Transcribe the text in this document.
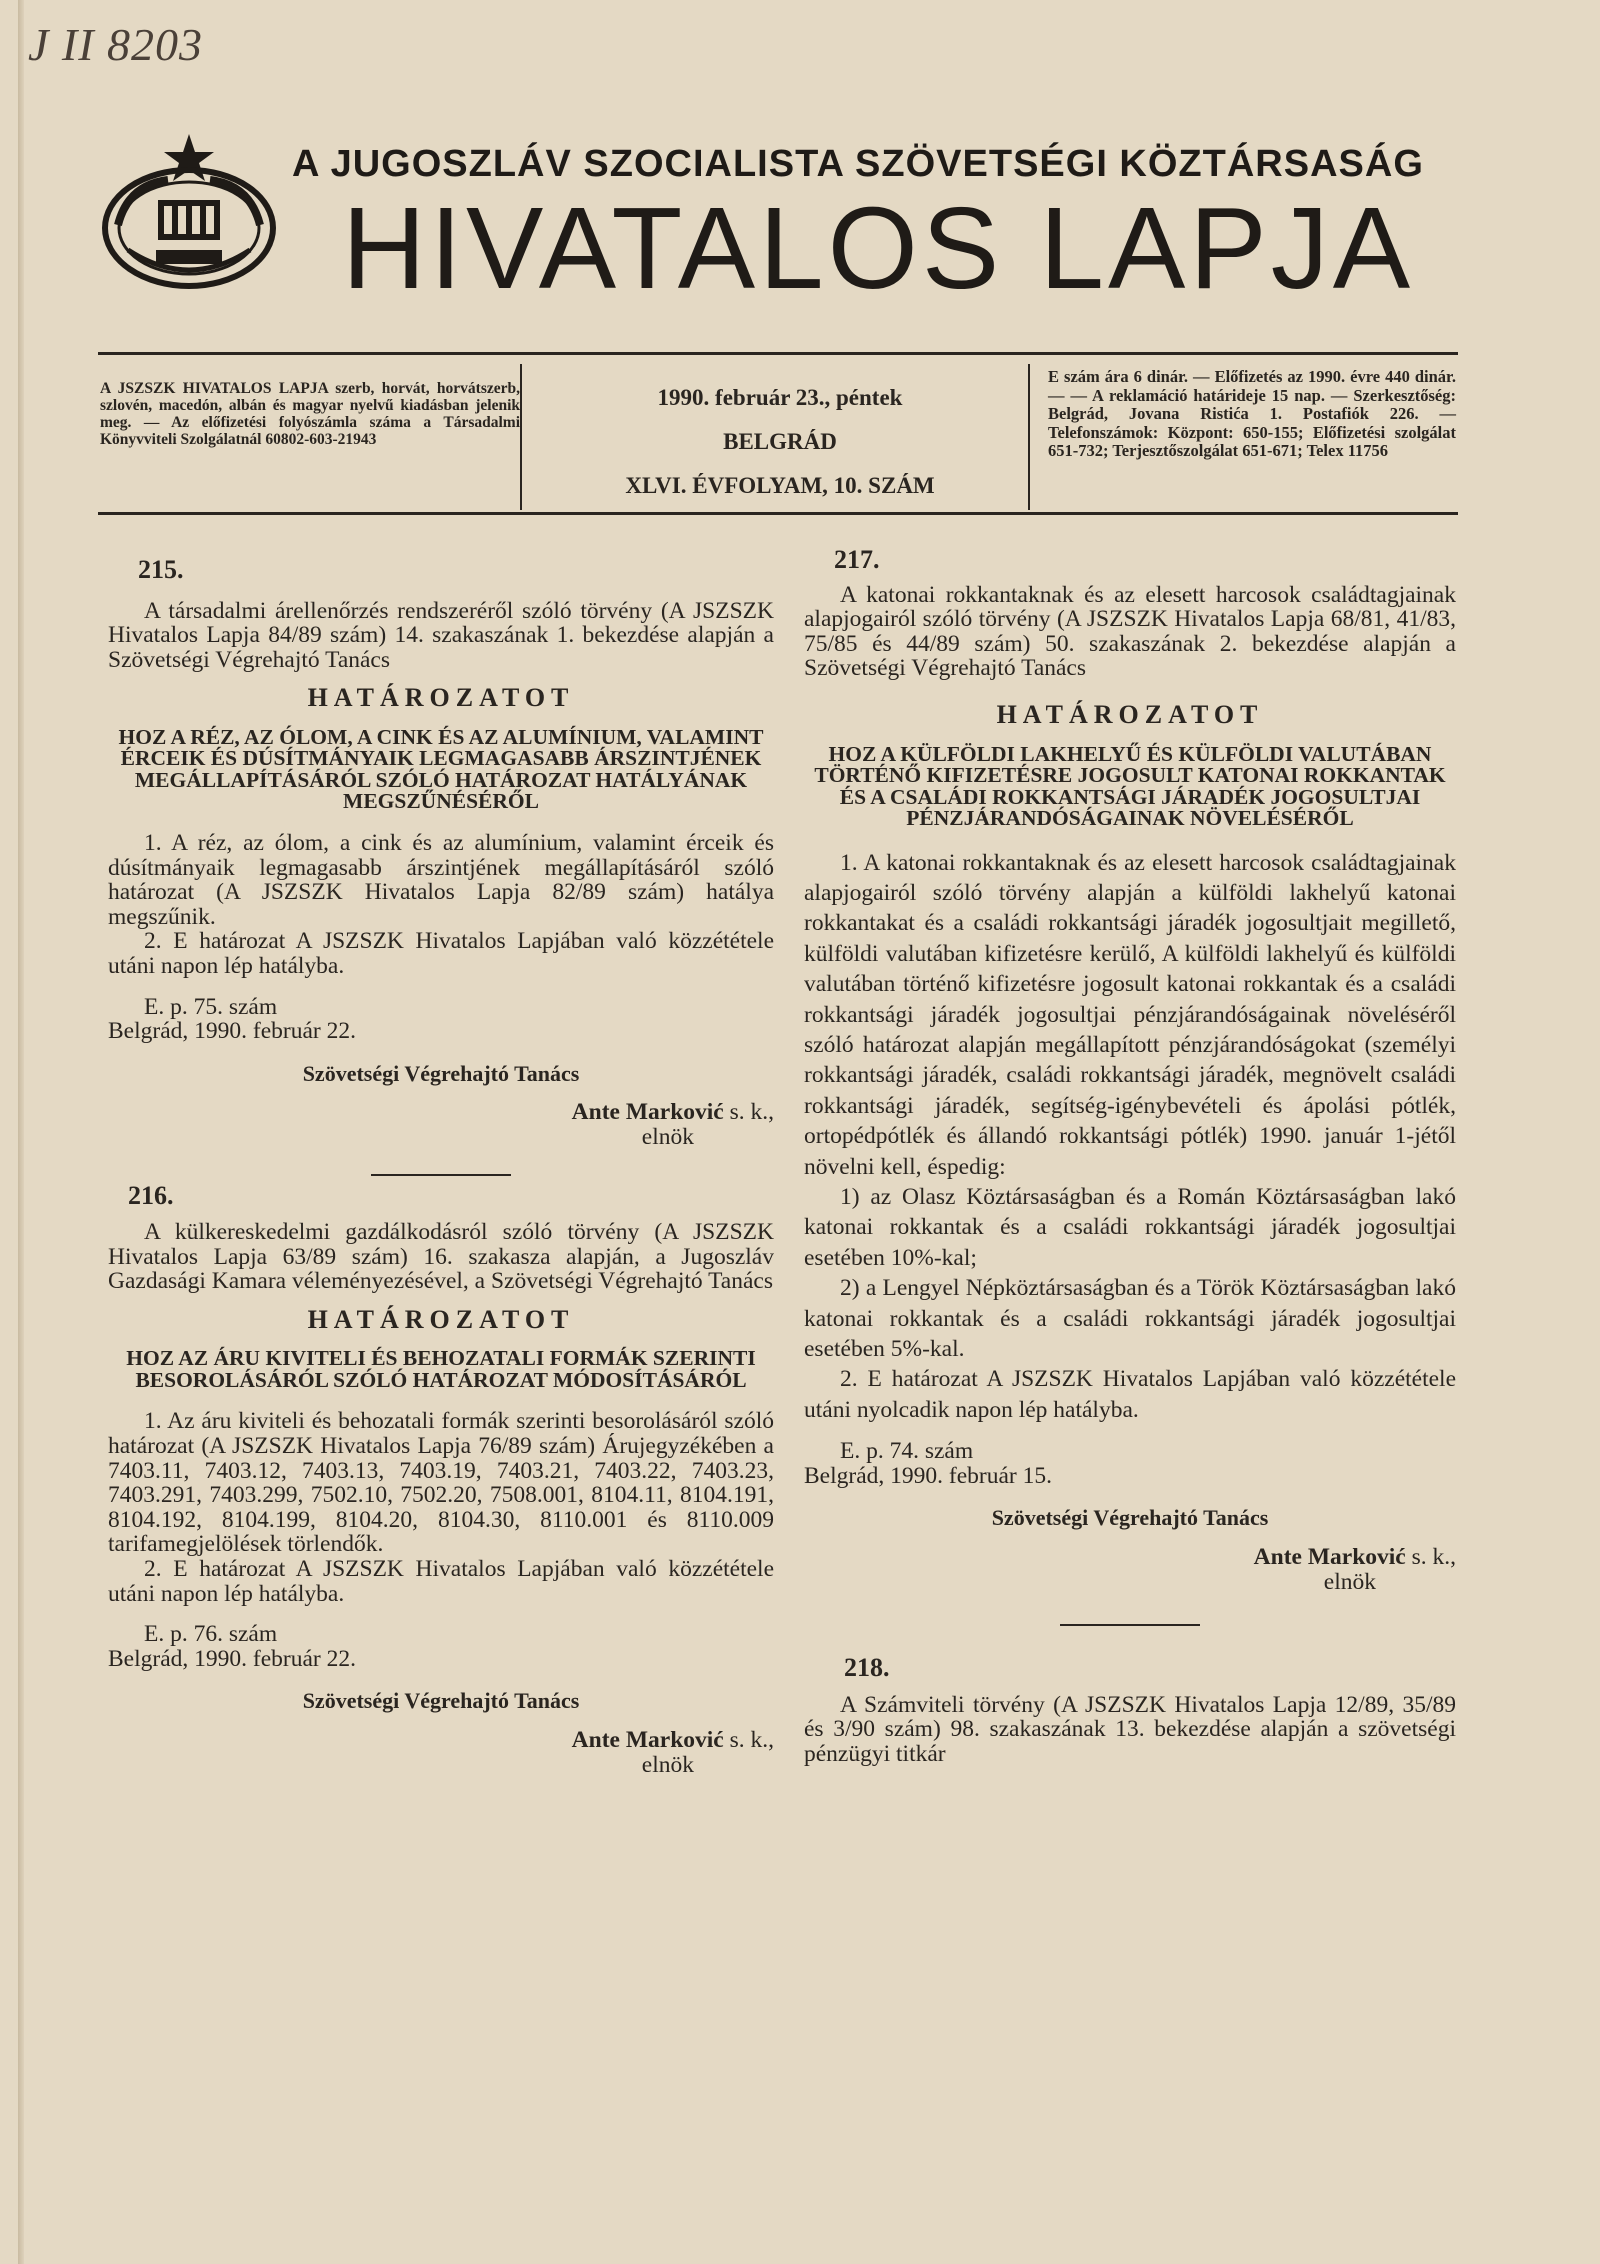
J II 8203
A JUGOSZLÁV SZOCIALISTA SZÖVETSÉGI KÖZTÁRSASÁG
HIVATALOS LAPJA
A JSZSZK HIVATALOS LAPJA szerb, horvát, horvátszerb, szlovén, macedón, albán és magyar nyelvű kiadásban jelenik meg. — Az előfizetési folyószámla száma a Társadalmi Könyvviteli Szolgálatnál 60802-603-21943
1990. február 23., péntek
BELGRÁD
XLVI. ÉVFOLYAM, 10. SZÁM
E szám ára 6 dinár. — Előfizetés az 1990. évre 440 dinár. — — A reklamáció határideje 15 nap. — Szerkesztőség: Belgrád, Jovana Ristića 1. Postafiók 226. — Telefonszámok: Központ: 650-155; Előfizetési szolgálat 651-732; Terjesztőszolgálat 651-671; Telex 11756
215.

A társadalmi árellenőrzés rendszeréről szóló törvény (A JSZSZK Hivatalos Lapja 84/89 szám) 14. szakaszának 1. bekezdése alapján a Szövetségi Végrehajtó Tanács

HATÁROZATOT
HOZ A RÉZ, AZ ÓLOM, A CINK ÉS AZ ALUMÍNIUM, VALAMINT ÉRCEIK ÉS DÚSÍTMÁNYAIK LEGMAGASABB ÁRSZINTJÉNEK MEGÁLLAPÍTÁSÁRÓL SZÓLÓ HATÁROZAT HATÁLYÁNAK MEGSZŰNÉSÉRŐL

1. A réz, az ólom, a cink és az alumínium, valamint érceik és dúsítmányaik legmagasabb árszintjének megállapításáról szóló határozat (A JSZSZK Hivatalos Lapja 82/89 szám) hatálya megszűnik.

2. E határozat A JSZSZK Hivatalos Lapjában való közzététele utáni napon lép hatályba.

E. p. 75. szám

Belgrád, 1990. február 22.

Szövetségi Végrehajtó Tanács
Ante Marković s. k.,
elnök
216.

A külkereskedelmi gazdálkodásról szóló törvény (A JSZSZK Hivatalos Lapja 63/89 szám) 16. szakasza alapján, a Jugoszláv Gazdasági Kamara véleményezésével, a Szövetségi Végrehajtó Tanács

HATÁROZATOT
HOZ AZ ÁRU KIVITELI ÉS BEHOZATALI FORMÁK SZERINTI BESOROLÁSÁRÓL SZÓLÓ HATÁROZAT MÓDOSÍTÁSÁRÓL

1. Az áru kiviteli és behozatali formák szerinti besorolásáról szóló határozat (A JSZSZK Hivatalos Lapja 76/89 szám) Árujegyzékében a 7403.11, 7403.12, 7403.13, 7403.19, 7403.21, 7403.22, 7403.23, 7403.291, 7403.299, 7502.10, 7502.20, 7508.001, 8104.11, 8104.191, 8104.192, 8104.199, 8104.20, 8104.30, 8110.001 és 8110.009 tarifamegjelölések törlendők.

2. E határozat A JSZSZK Hivatalos Lapjában való közzététele utáni napon lép hatályba.

E. p. 76. szám

Belgrád, 1990. február 22.

Szövetségi Végrehajtó Tanács
Ante Marković s. k.,
elnök
217.

A katonai rokkantaknak és az elesett harcosok családtagjainak alapjogairól szóló törvény (A JSZSZK Hivatalos Lapja 68/81, 41/83, 75/85 és 44/89 szám) 50. szakaszának 2. bekezdése alapján a Szövetségi Végrehajtó Tanács

HATÁROZATOT
HOZ A KÜLFÖLDI LAKHELYŰ ÉS KÜLFÖLDI VALUTÁBAN TÖRTÉNŐ KIFIZETÉSRE JOGOSULT KATONAI ROKKANTAK ÉS A CSALÁDI ROKKANTSÁGI JÁRADÉK JOGOSULTJAI PÉNZJÁRANDÓSÁGAINAK NÖVELÉSÉRŐL

1. A katonai rokkantaknak és az elesett harcosok családtagjainak alapjogairól szóló törvény alapján a külföldi lakhelyű katonai rokkantakat és a családi rokkantsági járadék jogosultjait megillető, külföldi valutában kifizetésre kerülő, A külföldi lakhelyű és külföldi valutában történő kifizetésre jogosult katonai rokkantak és a családi rokkantsági járadék jogosultjai pénzjárandóságainak növeléséről szóló határozat alapján megállapított pénzjárandóságokat (személyi rokkantsági járadék, családi rokkantsági járadék, megnövelt családi rokkantsági járadék, segítség-igénybevételi és ápolási pótlék, ortopédpótlék és állandó rokkantsági pótlék) 1990. január 1-jétől növelni kell, éspedig:

1) az Olasz Köztársaságban és a Román Köztársaságban lakó katonai rokkantak és a családi rokkantsági járadék jogosultjai esetében 10%-kal;

2) a Lengyel Népköztársaságban és a Török Köztársaságban lakó katonai rokkantak és a családi rokkantsági járadék jogosultjai esetében 5%-kal.

2. E határozat A JSZSZK Hivatalos Lapjában való közzététele utáni nyolcadik napon lép hatályba.

E. p. 74. szám

Belgrád, 1990. február 15.

Szövetségi Végrehajtó Tanács
Ante Marković s. k.,
elnök
218.

A Számviteli törvény (A JSZSZK Hivatalos Lapja 12/89, 35/89 és 3/90 szám) 98. szakaszának 13. bekezdése alapján a szövetségi pénzügyi titkár
